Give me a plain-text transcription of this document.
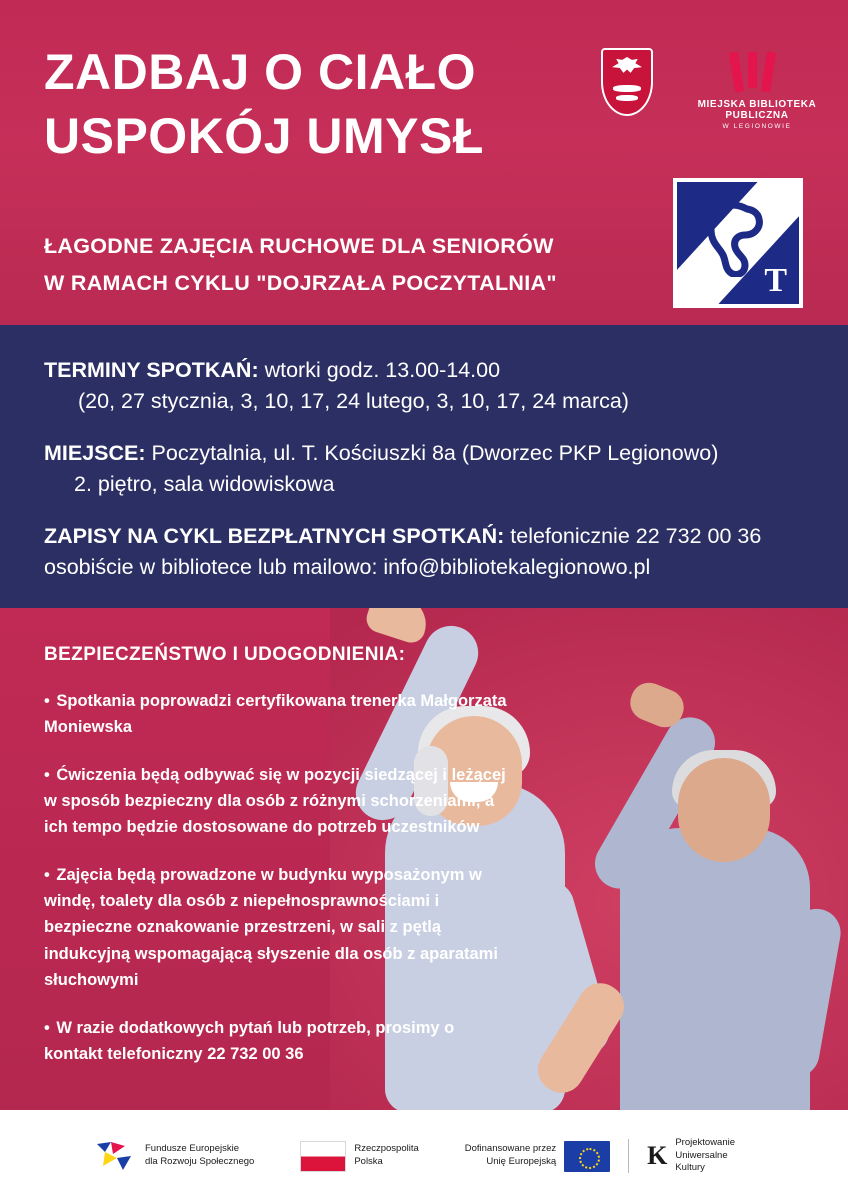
ZADBAJ O CIAŁO
USPOKÓJ UMYSŁ
ŁAGODNE ZAJĘCIA RUCHOWE DLA SENIORÓW
W RAMACH CYKLU "DOJRZAŁA POCZYTALNIA"
MIEJSKA BIBLIOTEKA PUBLICZNA
W LEGIONOWIE
T

TERMINY SPOTKAŃ: wtorki godz. 13.00-14.00
(20, 27 stycznia, 3, 10, 17, 24 lutego, 3, 10, 17, 24 marca)

MIEJSCE: Poczytalnia, ul. T. Kościuszki 8a (Dworzec PKP Legionowo)
2. piętro, sala widowiskowa

ZAPISY NA CYKL BEZPŁATNYCH SPOTKAŃ: telefonicznie 22 732 00 36
osobiście w bibliotece lub mailowo: info@bibliotekalegionowo.pl

BEZPIECZEŃSTWO I UDOGODNIENIA:

• Spotkania poprowadzi certyfikowana trenerka Małgorzata Moniewska

• Ćwiczenia będą odbywać się w pozycji siedzącej i leżącej w sposób bezpieczny dla osób z różnymi schorzeniami, a ich tempo będzie dostosowane do potrzeb uczestników

• Zajęcia będą prowadzone w budynku wyposażonym w windę, toalety dla osób z niepełnosprawnościami i bezpieczne oznakowanie przestrzeni, w sali z pętlą indukcyjną wspomagającą słyszenie dla osób z aparatami słuchowymi

• W razie dodatkowych pytań lub potrzeb, prosimy o kontakt telefoniczny 22 732 00 36

Fundusze Europejskie
dla Rozwoju Społecznego
Rzeczpospolita
Polska
Dofinansowane przez
Unię Europejską	K Projektowanie
Uniwersalne
Kultury
